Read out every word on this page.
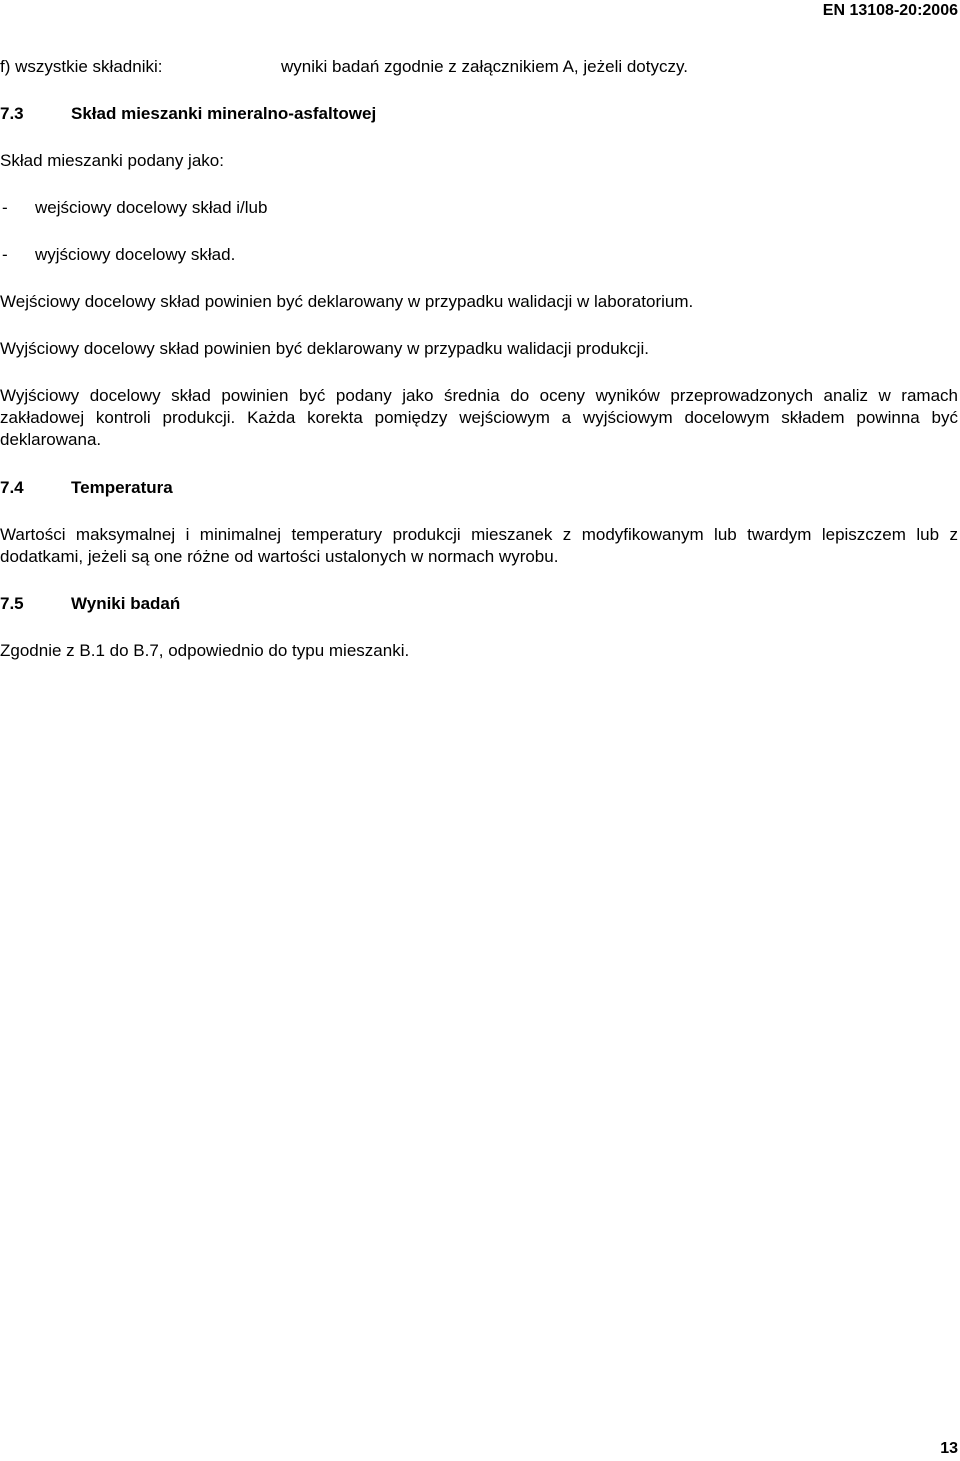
EN 13108-20:2006
f) wszystkie składniki:	wyniki badań zgodnie z załącznikiem A, jeżeli dotyczy.
7.3	Skład mieszanki mineralno-asfaltowej
Skład mieszanki podany jako:
- wejściowy docelowy skład i/lub
- wyjściowy docelowy skład.
Wejściowy docelowy skład powinien być deklarowany w przypadku walidacji w laboratorium.
Wyjściowy docelowy skład powinien być deklarowany w przypadku walidacji produkcji.
Wyjściowy docelowy skład powinien być podany jako średnia do oceny wyników przeprowadzonych analiz w ramach zakładowej kontroli produkcji. Każda korekta pomiędzy wejściowym a wyjściowym docelowym składem powinna być deklarowana.
7.4	Temperatura
Wartości maksymalnej i minimalnej temperatury produkcji mieszanek z modyfikowanym lub twardym lepiszczem lub z dodatkami, jeżeli są one różne od wartości ustalonych w normach wyrobu.
7.5	Wyniki badań
Zgodnie z B.1 do B.7, odpowiednio do typu mieszanki.
13
